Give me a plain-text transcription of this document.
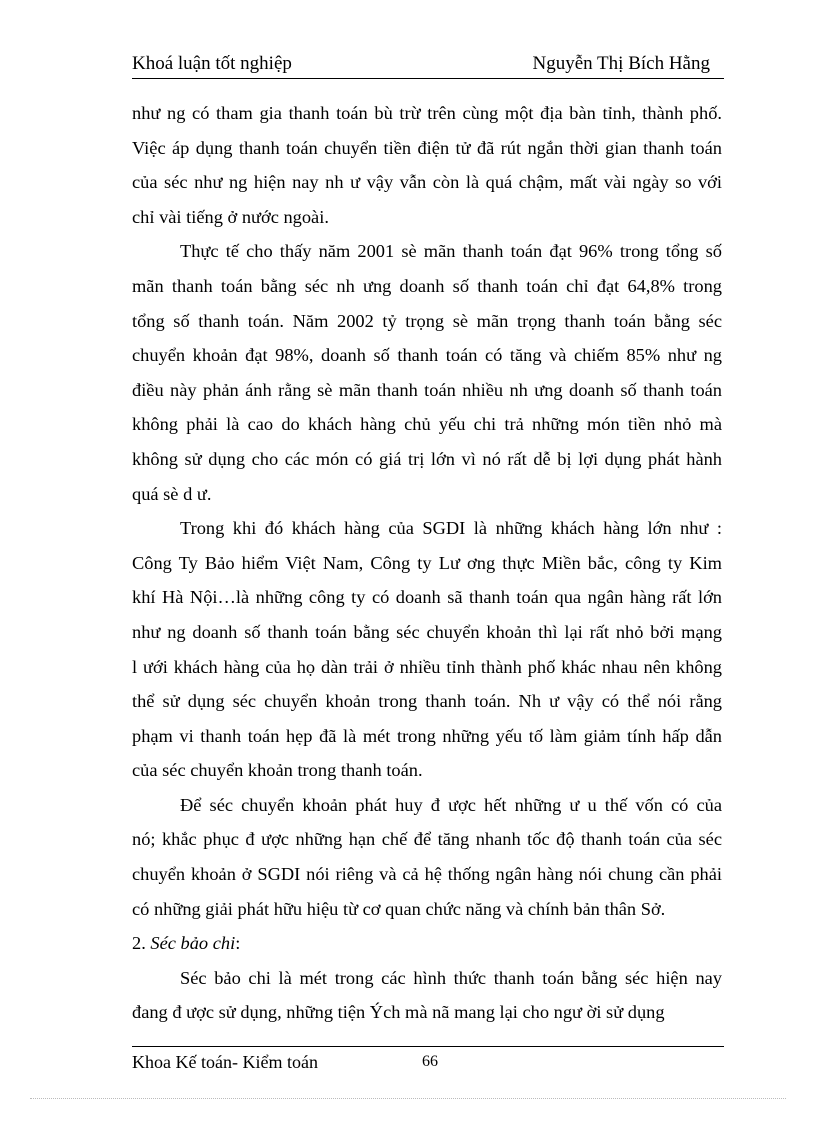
Khoá luận tốt nghiệp	Nguyễn Thị Bích Hằng
như ng có tham gia thanh toán bù trừ trên cùng một địa bàn tỉnh, thành phố.
Việc áp dụng thanh toán chuyển tiền điện tử đã rút ngắn thời gian thanh toán
của séc như ng hiện nay nh ư vậy vẫn còn là quá chậm, mất vài ngày so với
chỉ vài tiếng ở nước ngoài.
Thực tế cho thấy năm 2001 sè mãn thanh toán đạt 96% trong tổng số
mãn thanh toán bằng séc nh ưng doanh số thanh toán chỉ đạt 64,8% trong
tổng số thanh toán. Năm 2002 tỷ trọng sè mãn trọng thanh toán bằng séc
chuyển khoản đạt 98%, doanh số thanh toán có tăng và chiếm 85% như ng
điều này phản ánh rằng sè mãn thanh toán nhiều nh ưng doanh số thanh toán
không phải là cao do khách hàng chủ yếu chi trả những món tiền nhỏ mà
không sử dụng cho các món có giá trị lớn vì nó rất dễ bị lợi dụng phát hành
quá sè d ư.
Trong khi đó khách hàng của SGDI là những khách hàng lớn như :
Công Ty Bảo hiểm Việt Nam, Công ty Lư ơng thực Miền bắc, công ty Kim
khí Hà Nội…là những công ty có doanh sã thanh toán qua ngân hàng rất lớn
như ng doanh số thanh toán bằng séc chuyển khoản thì lại rất nhỏ bởi mạng
l ưới khách hàng của họ dàn trải ở nhiều tỉnh thành phố khác nhau nên không
thể sử dụng séc chuyển khoản trong thanh toán. Nh ư vậy có thể nói rằng
phạm vi thanh toán hẹp đã là mét trong những yếu tố làm giảm tính hấp dẫn
của séc chuyển khoản trong thanh toán.
Để séc chuyển khoản phát huy đ ược hết những ư u thế vốn có của
nó; khắc phục đ ược những hạn chế để tăng nhanh tốc độ thanh toán của séc
chuyển khoản ở SGDI nói riêng và cả hệ thống ngân hàng nói chung cần phải
có những giải phát hữu hiệu từ cơ quan chức năng và chính bản thân Sở.
2. Séc bảo chi:
Séc bảo chi là mét trong các hình thức thanh toán bằng séc hiện nay
đang đ ược sử dụng, những tiện Ých mà nã mang lại cho ngư ời sử dụng
Khoa Kế toán- Kiểm toán	66
